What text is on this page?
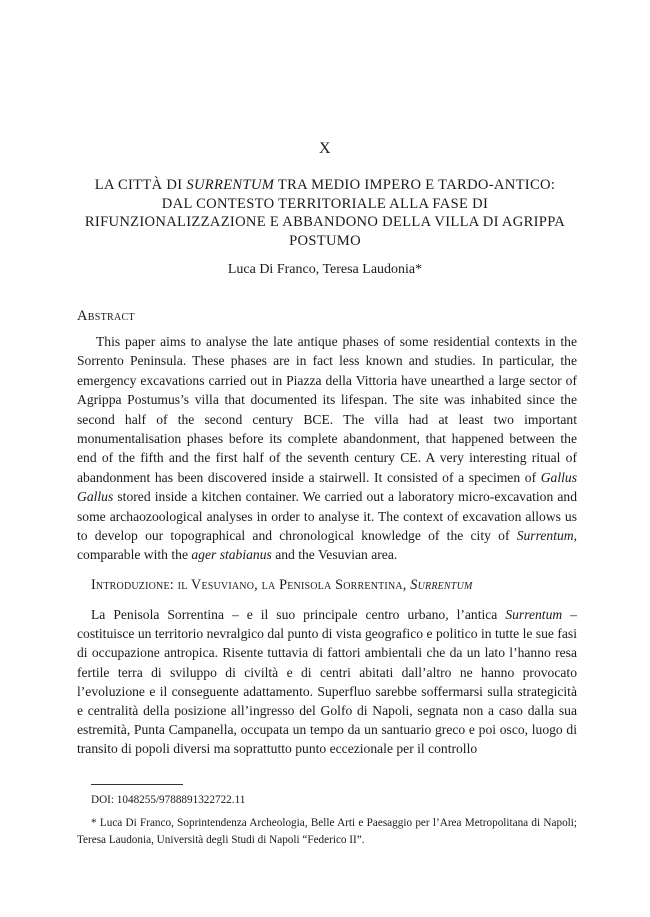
X
LA CITTÀ DI SURRENTUM TRA MEDIO IMPERO E TARDO-ANTICO: DAL CONTESTO TERRITORIALE ALLA FASE DI RIFUNZIONALIZZAZIONE E ABBANDONO DELLA VILLA DI AGRIPPA POSTUMO
Luca Di Franco, Teresa Laudonia*
Abstract

This paper aims to analyse the late antique phases of some residential contexts in the Sorrento Peninsula. These phases are in fact less known and studies. In particular, the emergency excavations carried out in Piazza della Vittoria have unearthed a large sector of Agrippa Postumus’s villa that documented its lifespan. The site was inhabited since the second half of the second century BCE. The villa had at least two important monumentalisation phases before its complete abandonment, that happened between the end of the fifth and the first half of the seventh century CE. A very interesting ritual of abandonment has been discovered inside a stairwell. It consisted of a specimen of Gallus Gallus stored inside a kitchen container. We carried out a laboratory micro-excavation and some archaozoological analyses in order to analyse it. The context of excavation allows us to develop our topographical and chronological knowledge of the city of Surrentum, comparable with the ager stabianus and the Vesuvian area.

Introduzione: il Vesuviano, la Penisola Sorrentina, Surrentum

La Penisola Sorrentina – e il suo principale centro urbano, l’antica Surrentum – costituisce un territorio nevralgico dal punto di vista geografico e politico in tutte le sue fasi di occupazione antropica. Risente tuttavia di fattori ambientali che da un lato l’hanno resa fertile terra di sviluppo di civiltà e di centri abitati dall’altro ne hanno provocato l’evoluzione e il conseguente adattamento. Superfluo sarebbe soffermarsi sulla strategicità e centralità della posizione all’ingresso del Golfo di Napoli, segnata non a caso dalla sua estremità, Punta Campanella, occupata un tempo da un santuario greco e poi osco, luogo di transito di popoli diversi ma soprattutto punto eccezionale per il controllo

DOI: 1048255/9788891322722.11

* Luca Di Franco, Soprintendenza Archeologia, Belle Arti e Paesaggio per l’Area Metropolitana di Napoli; Teresa Laudonia, Università degli Studi di Napoli “Federico II”.
